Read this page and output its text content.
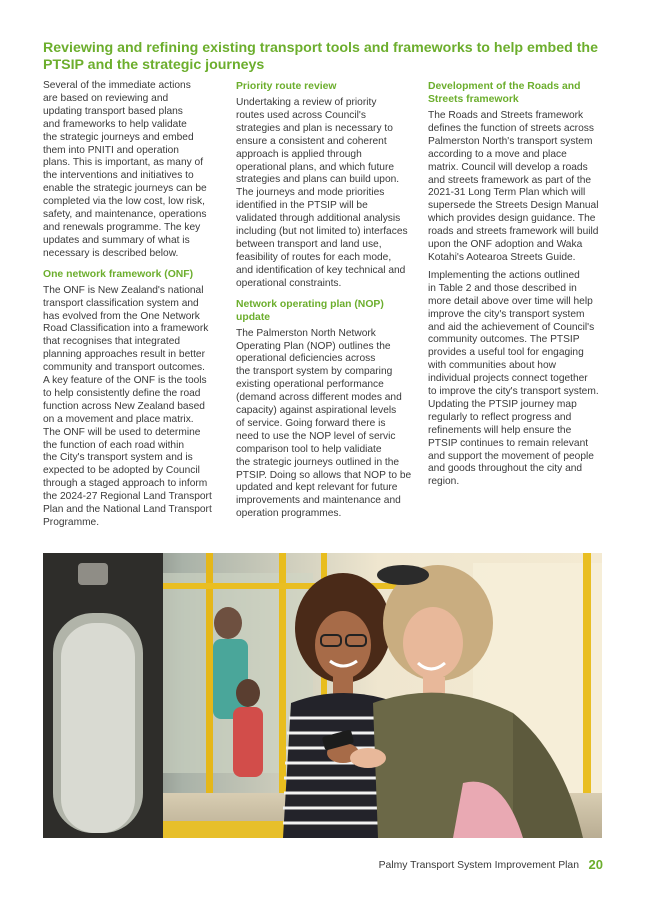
Reviewing and refining existing transport tools and frameworks to help embed the PTSIP and the strategic journeys

Several of the immediate actions
are based on reviewing and
updating transport based plans
and frameworks to help validate
the strategic journeys and embed
them into PNITI and operation
plans. This is important, as many of
the interventions and initiatives to
enable the strategic journeys can be
completed via the low cost, low risk,
safety, and maintenance, operations
and renewals programme. The key
updates and summary of what is
necessary is described below.

One network framework (ONF)

The ONF is New Zealand's national
transport classification system and
has evolved from the One Network
Road Classification into a framework
that recognises that integrated
planning approaches result in better
community and transport outcomes.
A key feature of the ONF is the tools
to help consistently define the road
function across New Zealand based
on a movement and place matrix.
The ONF will be used to determine
the function of each road within
the City's transport system and is
expected to be adopted by Council
through a staged approach to inform
the 2024-27 Regional Land Transport
Plan and the National Land Transport
Programme.

Priority route review

Undertaking a review of priority
routes used across Council's
strategies and plan is necessary to
ensure a consistent and coherent
approach is applied through
operational plans, and which future
strategies and plans can build upon.
The journeys and mode priorities
identified in the PTSIP will be
validated through additional analysis
including (but not limited to) interfaces
between transport and land use,
feasibility of routes for each mode,
and identification of key technical and
operational constraints.

Network operating plan (NOP)
update

The Palmerston North Network
Operating Plan (NOP) outlines the
operational deficiencies across
the transport system by comparing
existing operational performance
(demand across different modes and
capacity) against aspirational levels
of service. Going forward there is
need to use the NOP level of servic
comparison tool to help validiate
the strategic journeys outlined in the
PTSIP. Doing so allows that NOP to be
updated and kept relevant for future
improvements and maintenance and
operation programmes.

Development of the Roads and
Streets framework

The Roads and Streets framework
defines the function of streets across
Palmerston North's transport system
according to a move and place
matrix. Council will develop a roads
and streets framework as part of the
2021-31 Long Term Plan which will
supersede the Streets Design Manual
which provides design guidance. The
roads and streets framework will build
upon the ONF adoption and Waka
Kotahi's Aotearoa Streets Guide.

Implementing the actions outlined
in Table 2 and those described in
more detail above over time will help
improve the city's transport system
and aid the achievement of Council's
community outcomes. The PTSIP
provides a useful tool for engaging
with communities about how
individual projects connect together
to improve the city's transport system.
Updating the PTSIP journey map
regularly to reflect progress and
refinements will help ensure the
PTSIP continues to remain relevant
and support the movement of people
and goods throughout the city and
region.

Palmy Transport System Improvement Plan 20
